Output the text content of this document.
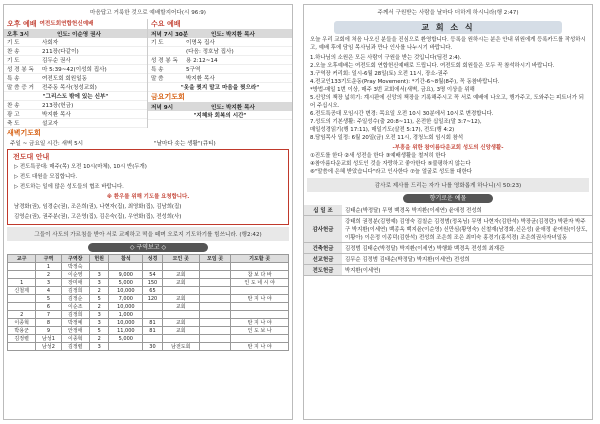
마음답고 거룩한 것으로 예배할지어다(시 96:9)
오후 예배 여전도회연합헌신예배
오후 3시	인도: 이순영 권사
기 도	사회자
찬 송	211장(다같이)
기 도	김두순 권사
성 경 봉 독	마 5:39~42(이성희 집사)
특 송	여전도회 회원일동
말 씀 증 거	전주동 목사(청성교회)
"그리스도 밖에 있는 신부"
찬 송	213장(헌금)
광 고	박지환 목사
축 도	설교자
수요 예배
저녁 7시 30분	인도: 박지환 목사
기 도	이명옥 집사
(다음: 정호남 집사)
성 경 봉 독	용 2:12~14
특 송	5구역
말 씀	박지환 목사
"옷을 찢지 말고 마음을 찢으라"
금요기도회
저녁 9시	인도: 박지환 목사
"지혜와 회복의 시간"
새벽기도회
주일 ~ 금요일 시간: 새벽 5시	"날마다 솟는 생활"(큐티)
전도대 안내
▷ 전도특공대: 매주(목) 오전 10시(마체), 10시 반(두개)
▷ 전도 대원을 모집합니다.
▷ 전도하는 일에 많은 성도들의 협조 바랍니다.
※ 환우를 위해 기도를 요청합니다.
남경화(권), 임경순(권), 조은희(권), 나현자(집), 최영화(집), 김남희(집)
김영순(권), 권주분(권), 고은영(집), 김은숙(집), 우연화(집), 전성희(사)
그들이 사도의 가르침을 받아 서로 교제하고 떡을 떼며 오로지 기도하기를 힘쓰니라. (행2:42)
◇ 구역보고 ◇
교구	구역	구역장	헌원	참석	성경	모인 곳	모임 곳	기도할 곳
	1	박정숙						
	2	이순영	3	9,000	54	교회		참 보 다 바
1	3	장미애	3	5,000	150	교회		인 도 네 시 야
신철제	4	김정희	2	10,000	65			
	5	김정순	5	7,000	120	교회		탄 지 나 야
	6	이순조	2	10,000		교회		
2	7	김정희	3	1,000				
이종혁	8	박정예	3	10,000	81	교회		탄 지 나 야
박용군	9	안정애	5	11,000	81	교회		인 도 보 나
김정렬	남성1	이종혁	2	5,000				
	남성2	김정렬	3		30	남전도회		탄 지 나 야
주께서 구원받는 사람을 날마다 더하게 하시니라(행 2:47)
교 회 소 식
오늘 우리 교회에 처음 나오신 분들을 진심으로 환영합니다. 등록을 원하시는 분은 안내 위원에게 등록카드를 작성하시고, 예배 후에 담임 목사님과 만나 인사를 나누시기 바랍니다.
1.하나님의 소원은 모든 사람이 구원을 받는 것입니다(딤전 2:4).
2.오늘 오후예배는 여전도회 연합헌신예배로 드립니다. 여전도회 회원들은 모두 꼭 참석하시기 바랍니다.
3.구역장 커리회: 일시-6월 28일(토) 오전 11시, 장소-권주
4.전교인133기도운동(Pray Movement): *기간-6~8월(8주), 꼭 동참바랍니다.
*방법-매일 1번 이상, 매주 3번 교회에서(새벽, 금요), 3명 이상을 위해
5.신앙의 책장 넓히기: 계시판에 신앙의 책장을 기록해주시고 꼭 서로 예배에 나오고, 행가주고, 도와주는 피트너가 되어 주십시오.
6.전도특공대 모임시간 변경: 목요일 오전 10시 30분에서 10시로 변경합니다.
7.성도의 기본생활: 주일성수(출 20:8~11), 온전한 십일조(말 3:7~12),
매일성경읽기(행 17:11), 매일기도(살전 5:17), 전도(행 4:2)
8.담임목사 일정: 6월 20일(금) 오전 11시, 경청노회 임시회 참석
-부흥을 위한 참이름다운교회 성도의 신앙생활-
①진도를 한다 ②새 성전을 한다 ③예배생활을 철저히 한다
④참아름다운교회 성도인 것을 자랑하고 좋아한다 ⑤불평하지 않는다
⑥"말씀에 은혜 받았습니다"라고 인사한다 ⑦늘 얼굴로 성도를 대한다
감사로 제사를 드리는 자가 나를 영화롭게 하나니(시 50:23)
향기로운 예물
십 일 조	김태순(박정달) 무명 백경옥 박지환(이세연) 윤애정 전성희
감사헌금	강태희 권정분(김명예) 김영숙 김칠순 김정범(정옥님) 무명 나현자(김한석) 박장균(김정란) 박판자 박주구 박지환(이세연) 백종옥 백지윤(이순영) 신만심(황영숙) 신철재(남경화,신은성) 윤애정 윤여원(이상도,이황아) 이은정 이종덕(김한석) 전성희 조은희 조은 최미숙 홍경기(홍석경) 조은희권사자녀일동
건축헌금	김정범 김태순(박정달) 박지환(이세연) 박행화 백경옥 전성희 최재관
선교헌금	김무순 김정범 김태순(박정달) 박지환(이세연) 전성희
전도헌금	박지환(이세연)
